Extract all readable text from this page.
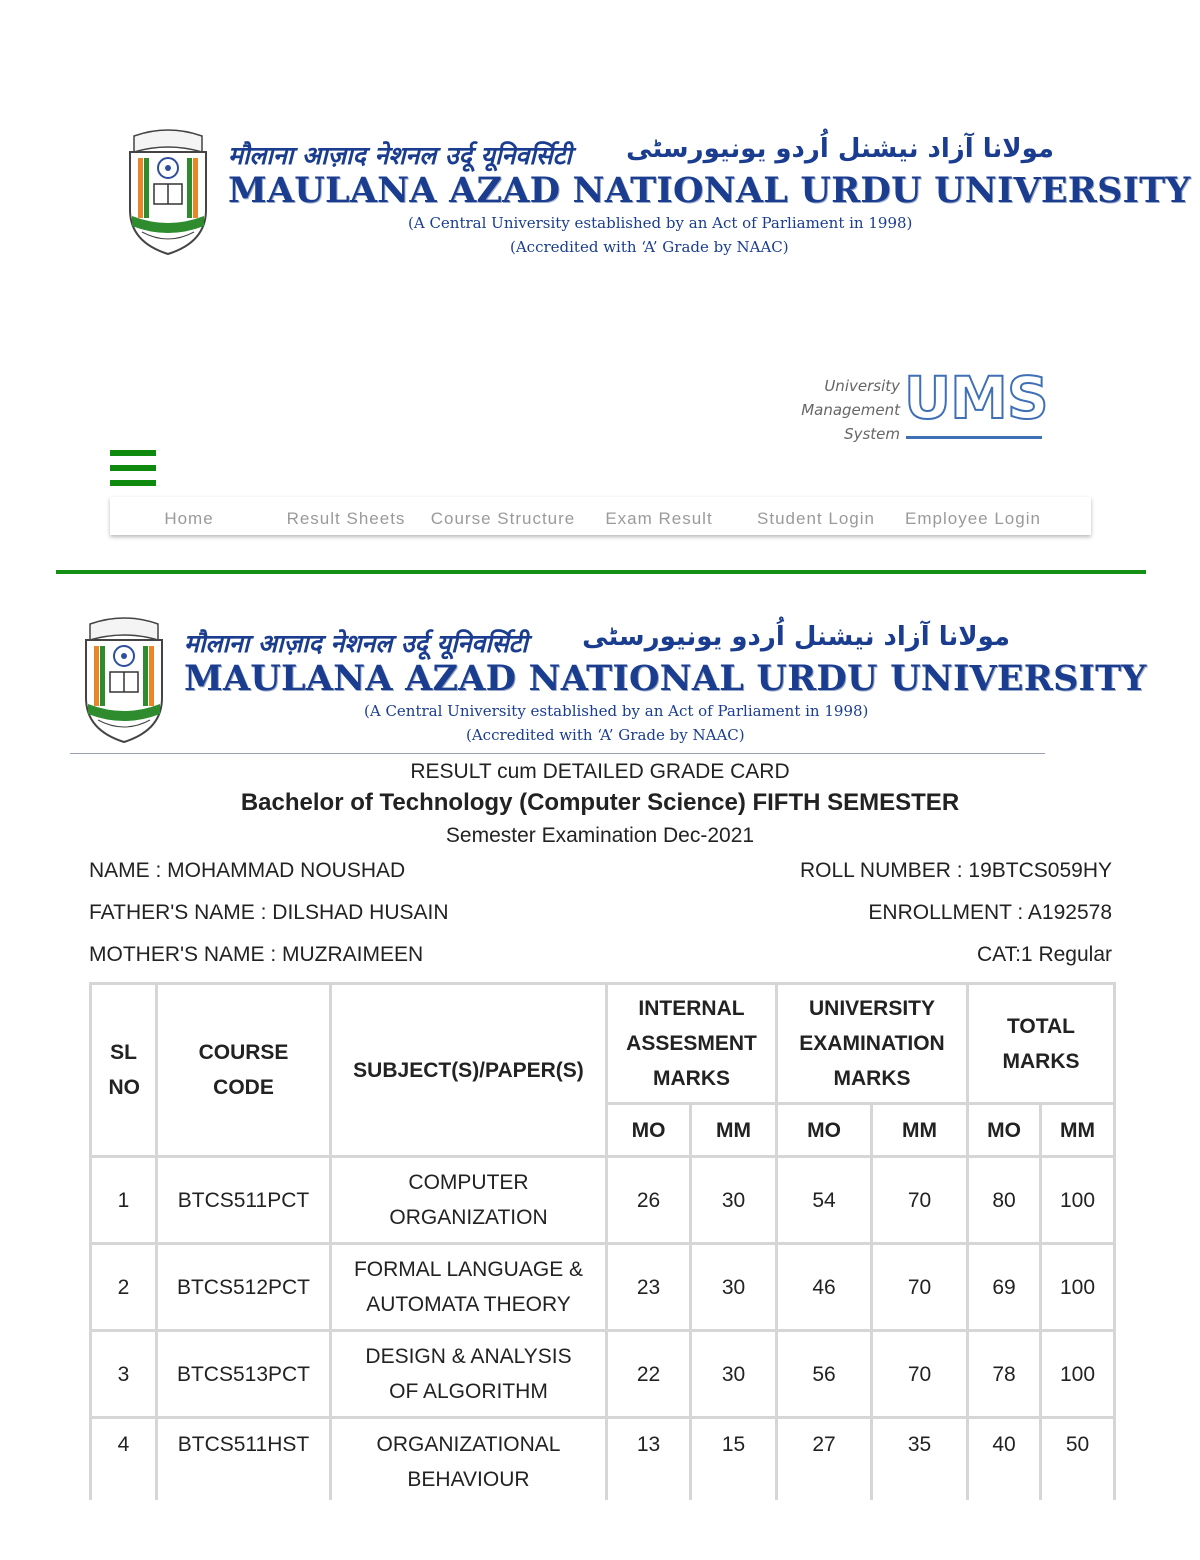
मौलाना आज़ाद नेशनल उर्दू यूनिवर्सिटी مولانا آزاد نیشنل اُردو یونیورسٹی
MAULANA AZAD NATIONAL URDU UNIVERSITY
(A Central University established by an Act of Parliament in 1998)
(Accredited with ‘A’ Grade by NAAC)
University
Management
System
UMS
Home	Result Sheets	Course Structure	Exam Result	Student Login	Employee Login
मौलाना आज़ाद नेशनल उर्दू यूनिवर्सिटी مولانا آزاد نیشنل اُردو یونیورسٹی
MAULANA AZAD NATIONAL URDU UNIVERSITY
(A Central University established by an Act of Parliament in 1998)
(Accredited with ‘A’ Grade by NAAC)
RESULT cum DETAILED GRADE CARD
Bachelor of Technology (Computer Science) FIFTH SEMESTER
Semester Examination Dec-2021
NAME : MOHAMMAD NOUSHAD
FATHER'S NAME : DILSHAD HUSAIN
MOTHER'S NAME : MUZRAIMEEN
ROLL NUMBER : 19BTCS059HY
ENROLLMENT : A192578
CAT:1 Regular
SL NO	COURSE CODE	SUBJECT(S)/PAPER(S)	INTERNAL ASSESMENT MARKS		UNIVERSITY EXAMINATION MARKS		TOTAL MARKS	

			MO	MM	MO	MM	MO	MM
1	BTCS511PCT	COMPUTER ORGANIZATION	26	30	54	70	80	100
2	BTCS512PCT	FORMAL LANGUAGE & AUTOMATA THEORY	23	30	46	70	69	100
3	BTCS513PCT	DESIGN & ANALYSIS OF ALGORITHM	22	30	56	70	78	100
4	BTCS511HST	ORGANIZATIONAL BEHAVIOUR	13	15	27	35	40	50
